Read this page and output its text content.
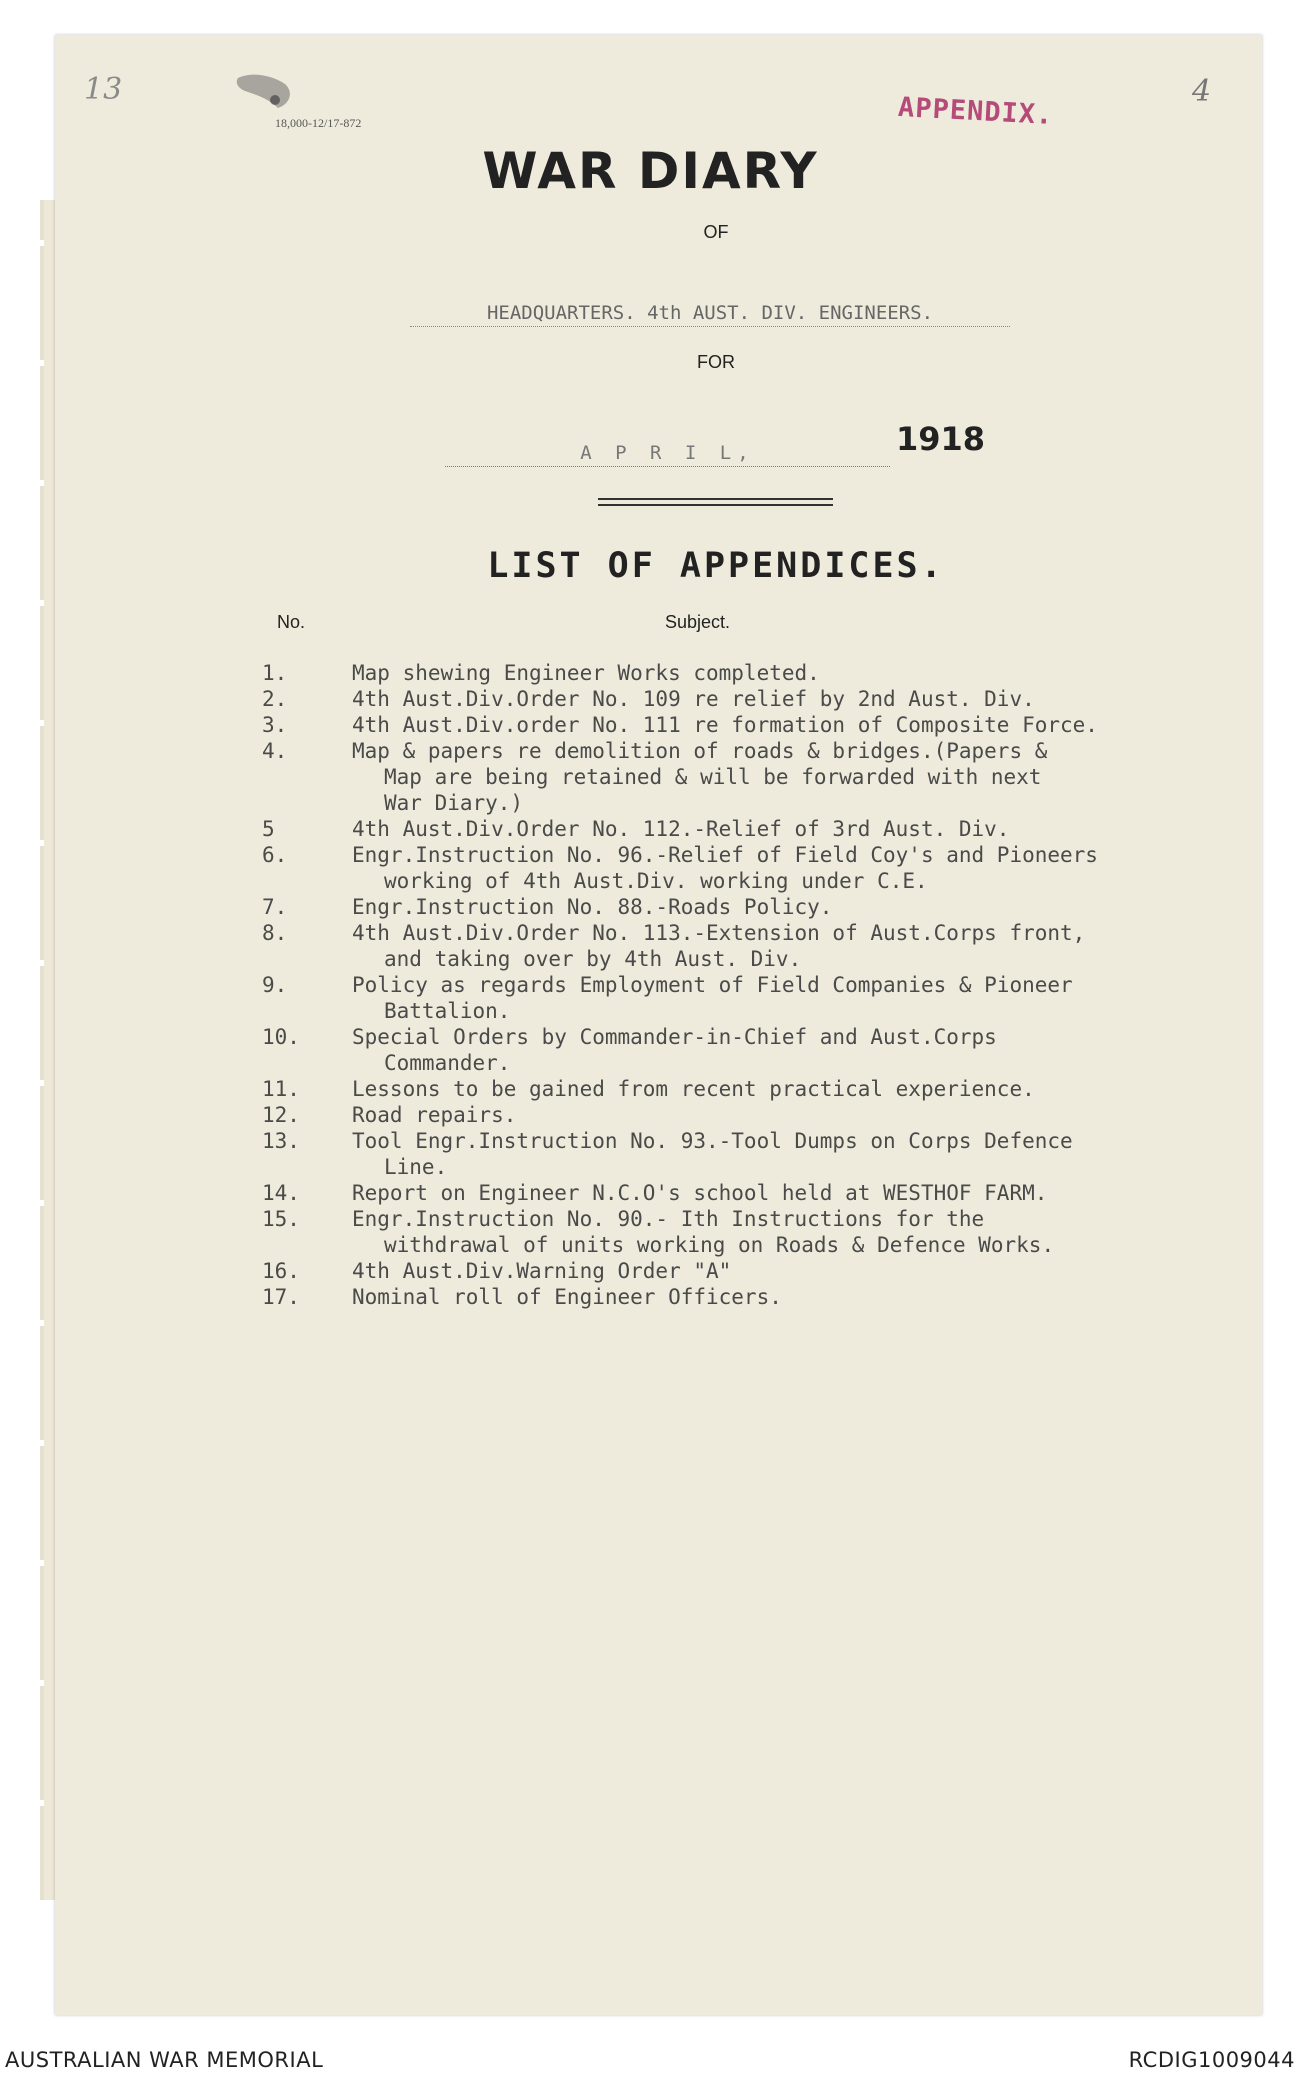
13
18,000-12/17-872	APPENDIX.
4
WAR DIARY
OF
HEADQUARTERS. 4th AUST. DIV. ENGINEERS.
FOR
A P R I L,	1918
LIST OF APPENDICES.
No.	Subject.
1.	Map shewing Engineer Works completed.
2.	4th Aust.Div.Order No. 109 re relief by 2nd Aust. Div.
3.	4th Aust.Div.order No. 111 re formation of Composite Force.
4.	Map & papers re demolition of roads & bridges.(Papers &
Map are being retained & will be forwarded with next
War Diary.)
5	4th Aust.Div.Order No. 112.-Relief of 3rd Aust. Div.
6.	Engr.Instruction No. 96.-Relief of Field Coy's and Pioneers
working of 4th Aust.Div. working under C.E.
7.	Engr.Instruction No. 88.-Roads Policy.
8.	4th Aust.Div.Order No. 113.-Extension of Aust.Corps front,
and taking over by 4th Aust. Div.
9.	Policy as regards Employment of Field Companies & Pioneer
Battalion.
10.	Special Orders by Commander-in-Chief and Aust.Corps
Commander.
11.	Lessons to be gained from recent practical experience.
12.	Road repairs.
13.	Tool Engr.Instruction No. 93.-Tool Dumps on Corps Defence
Line.
14.	Report on Engineer N.C.O's school held at WESTHOF FARM.
15.	Engr.Instruction No. 90.- Ith Instructions for the
withdrawal of units working on Roads & Defence Works.
16.	4th Aust.Div.Warning Order "A"
17.	Nominal roll of Engineer Officers.
AUSTRALIAN WAR MEMORIAL	RCDIG1009044
